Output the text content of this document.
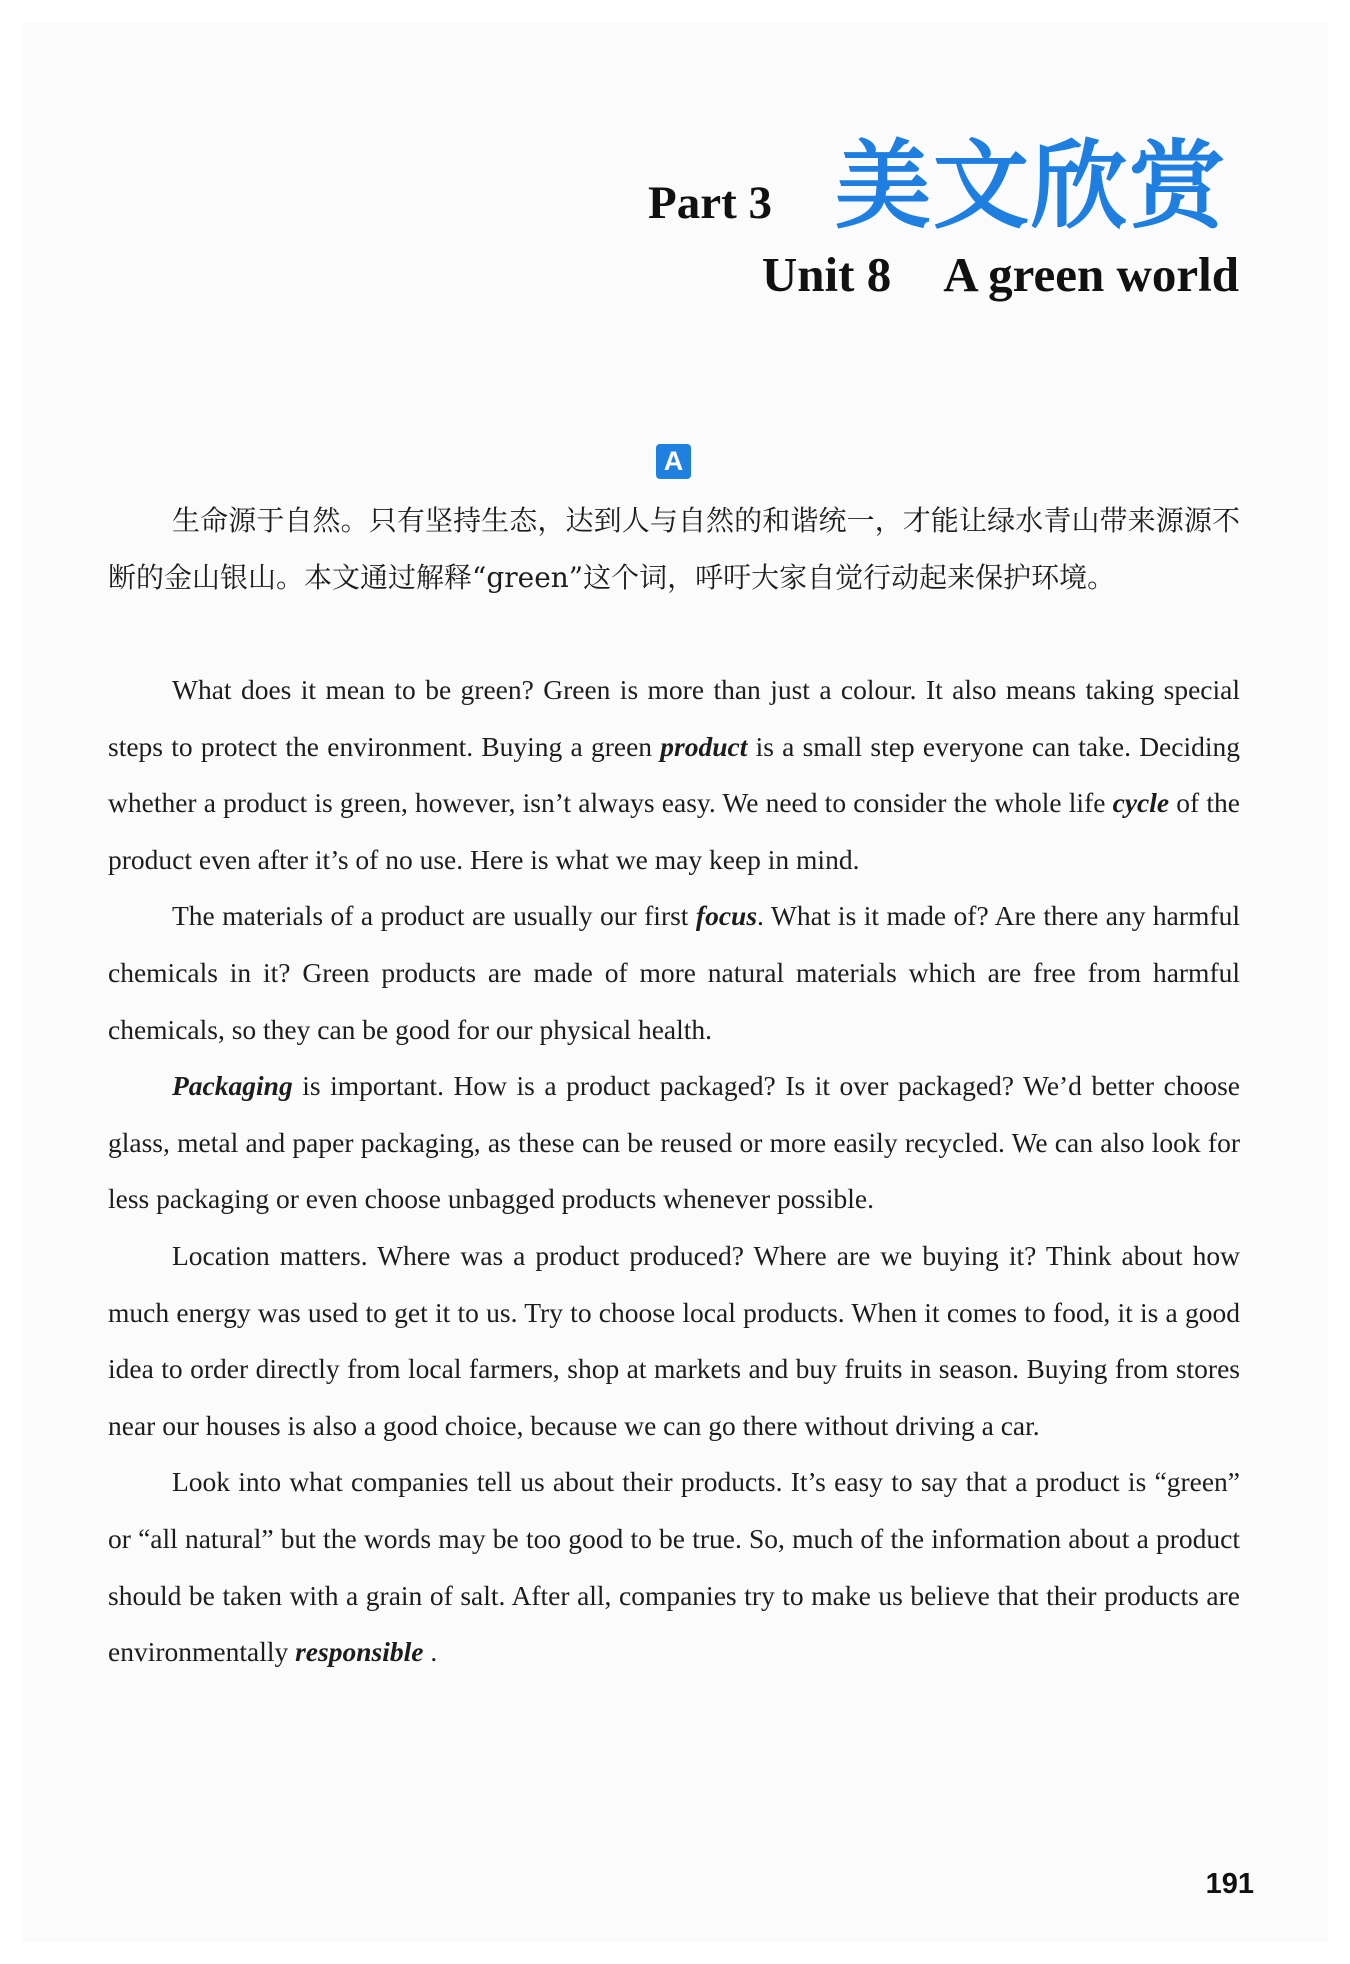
Part 3 美文欣赏
Unit 8 A green world
A

生命源于自然。只有坚持生态，达到人与自然的和谐统一，才能让绿水青山带来源源不断的金山银山。本文通过解释“green”这个词，呼吁大家自觉行动起来保护环境。

What does it mean to be green? Green is more than just a colour. It also means taking special steps to protect the environment. Buying a green product is a small step everyone can take. Deciding whether a product is green, however, isn’t always easy. We need to consider the whole life cycle of the product even after it’s of no use. Here is what we may keep in mind.

The materials of a product are usually our first focus. What is it made of? Are there any harmful chemicals in it? Green products are made of more natural materials which are free from harmful chemicals, so they can be good for our physical health.

Packaging is important. How is a product packaged? Is it over packaged? We’d better choose glass, metal and paper packaging, as these can be reused or more easily recycled. We can also look for less packaging or even choose unbagged products whenever possible.

Location matters. Where was a product produced? Where are we buying it? Think about how much energy was used to get it to us. Try to choose local products. When it comes to food, it is a good idea to order directly from local farmers, shop at markets and buy fruits in season. Buying from stores near our houses is also a good choice, because we can go there without driving a car.

Look into what companies tell us about their products. It’s easy to say that a product is “green” or “all natural” but the words may be too good to be true. So, much of the information about a product should be taken with a grain of salt. After all, companies try to make us believe that their products are environmentally responsible .

191
